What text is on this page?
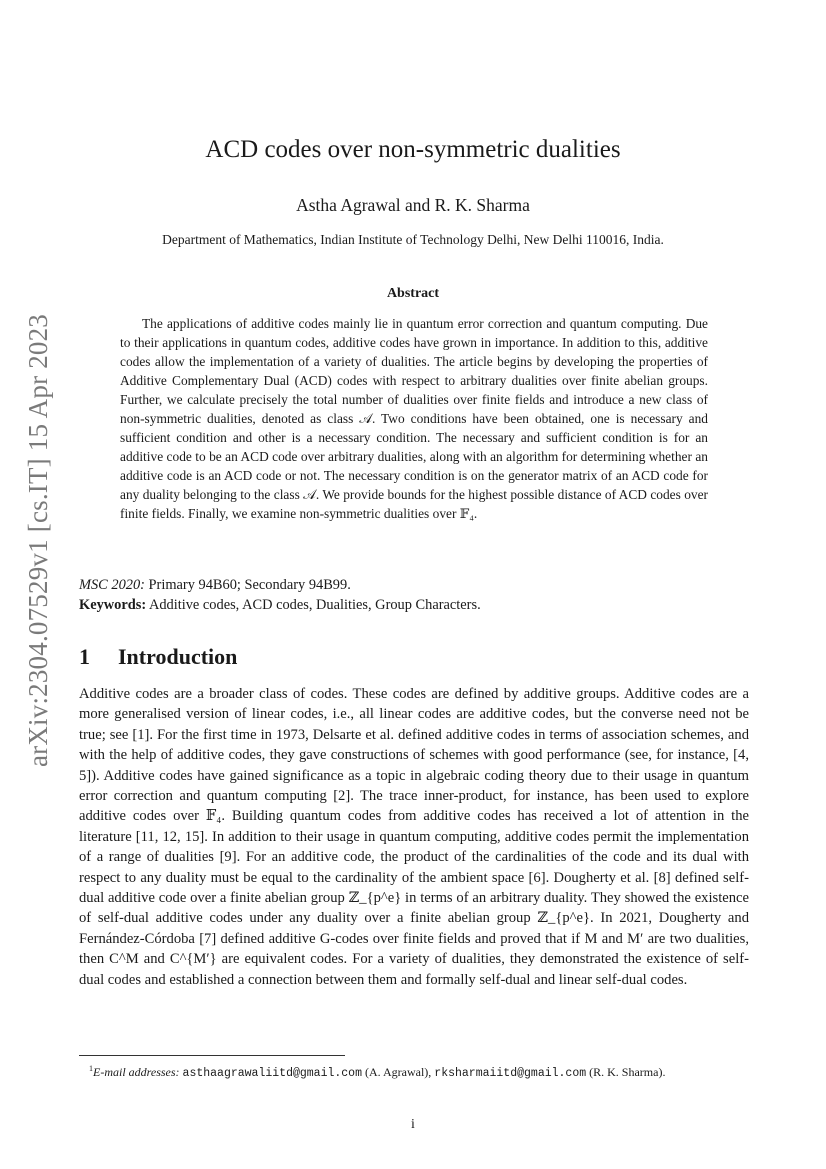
arXiv:2304.07529v1 [cs.IT] 15 Apr 2023
ACD codes over non-symmetric dualities
Astha Agrawal and R. K. Sharma
Department of Mathematics, Indian Institute of Technology Delhi, New Delhi 110016, India.
Abstract

The applications of additive codes mainly lie in quantum error correction and quantum computing. Due to their applications in quantum codes, additive codes have grown in importance. In addition to this, additive codes allow the implementation of a variety of dualities. The article begins by developing the properties of Additive Complementary Dual (ACD) codes with respect to arbitrary dualities over finite abelian groups. Further, we calculate precisely the total number of dualities over finite fields and introduce a new class of non-symmetric dualities, denoted as class 𝒜. Two conditions have been obtained, one is necessary and sufficient condition and other is a necessary condition. The necessary and sufficient condition is for an additive code to be an ACD code over arbitrary dualities, along with an algorithm for determining whether an additive code is an ACD code or not. The necessary condition is on the generator matrix of an ACD code for any duality belonging to the class 𝒜. We provide bounds for the highest possible distance of ACD codes over finite fields. Finally, we examine non-symmetric dualities over 𝔽₄.

MSC 2020: Primary 94B60; Secondary 94B99.
Keywords: Additive codes, ACD codes, Dualities, Group Characters.
1 Introduction

Additive codes are a broader class of codes. These codes are defined by additive groups. Additive codes are a more generalised version of linear codes, i.e., all linear codes are additive codes, but the converse need not be true; see [1]. For the first time in 1973, Delsarte et al. defined additive codes in terms of association schemes, and with the help of additive codes, they gave constructions of schemes with good performance (see, for instance, [4, 5]). Additive codes have gained significance as a topic in algebraic coding theory due to their usage in quantum error correction and quantum computing [2]. The trace inner-product, for instance, has been used to explore additive codes over 𝔽₄. Building quantum codes from additive codes has received a lot of attention in the literature [11, 12, 15]. In addition to their usage in quantum computing, additive codes permit the implementation of a range of dualities [9]. For an additive code, the product of the cardinalities of the code and its dual with respect to any duality must be equal to the cardinality of the ambient space [6]. Dougherty et al. [8] defined self-dual additive code over a finite abelian group ℤ_{p^e} in terms of an arbitrary duality. They showed the existence of self-dual additive codes under any duality over a finite abelian group ℤ_{p^e}. In 2021, Dougherty and Fernández-Córdoba [7] defined additive G-codes over finite fields and proved that if M and M′ are two dualities, then C^M and C^{M′} are equivalent codes. For a variety of dualities, they demonstrated the existence of self-dual codes and established a connection between them and formally self-dual and linear self-dual codes.

$^1$E-mail addresses: asthaagrawaliitd@gmail.com (A. Agrawal), rksharmaiitd@gmail.com (R. K. Sharma).

i
